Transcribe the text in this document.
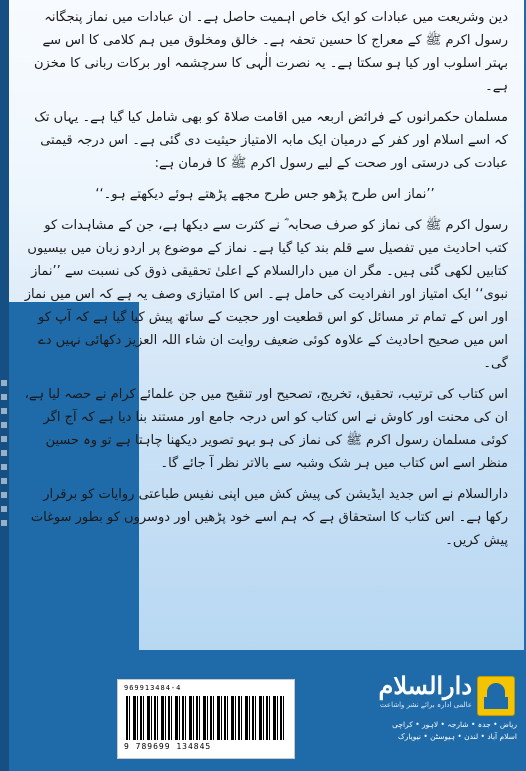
دین وشریعت میں عبادات کو ایک خاص اہمیت حاصل ہے۔ ان عبادات میں نماز پنجگانہ رسول اکرم ﷺ کے معراج کا حسین تحفہ ہے۔ خالق ومخلوق میں ہم کلامی کا اس سے بہتر اسلوب اور کیا ہو سکتا ہے۔ یہ نصرت الٰہی کا سرچشمہ اور برکات ربانی کا مخزن ہے۔

مسلمان حکمرانوں کے فرائض اربعہ میں اقامت صلاۃ کو بھی شامل کیا گیا ہے۔ یہاں تک کہ اسے اسلام اور کفر کے درمیان ایک مابہ الامتیاز حیثیت دی گئی ہے۔ اس درجہ قیمتی عبادت کی درستی اور صحت کے لیے رسول اکرم ﷺ کا فرمان ہے:

’’نماز اس طرح پڑھو جس طرح مجھے پڑھتے ہوئے دیکھتے ہو۔‘‘

رسول اکرم ﷺ کی نماز کو صرف صحابہ ؓ نے کثرت سے دیکھا ہے، جن کے مشاہدات کو کتب احادیث میں تفصیل سے قلم بند کیا گیا ہے۔ نماز کے موضوع پر اردو زبان میں بیسیوں کتابیں لکھی گئی ہیں۔ مگر ان میں دارالسلام کے اعلیٰ تحقیقی ذوق کی نسبت سے ’’نماز نبوی‘‘ ایک امتیاز اور انفرادیت کی حامل ہے۔ اس کا امتیازی وصف یہ ہے کہ اس میں نماز اور اس کے تمام تر مسائل کو اس قطعیت اور حجیت کے ساتھ پیش کیا گیا ہے کہ آپ کو اس میں صحیح احادیث کے علاوہ کوئی ضعیف روایت ان شاء اللہ العزیز دکھائی نہیں دے گی۔

اس کتاب کی ترتیب، تحقیق، تخریج، تصحیح اور تنقیح میں جن علمائے کرام نے حصہ لیا ہے، ان کی محنت اور کاوش نے اس کتاب کو اس درجہ جامع اور مستند بنا دیا ہے کہ آج اگر کوئی مسلمان رسول اکرم ﷺ کی نماز کی ہو بہو تصویر دیکھنا چاہتا ہے تو وہ حسین منظر اسے اس کتاب میں ہر شک وشبہ سے بالاتر نظر آ جائے گا۔

دارالسلام نے اس جدید ایڈیشن کی پیش کش میں اپنی نفیس طباعتی روایات کو برقرار رکھا ہے۔ اس کتاب کا استحقاق ہے کہ ہم اسے خود پڑھیں اور دوسروں کو بطور سوغات پیش کریں۔

969913484-4
9 789699 134845
دارالسلام
عالمی ادارہ برائے نشر واشاعت
ریاض • جدہ • شارجہ • لاہور • کراچی
اسلام آباد • لندن • ہیوسٹن • نیویارک
